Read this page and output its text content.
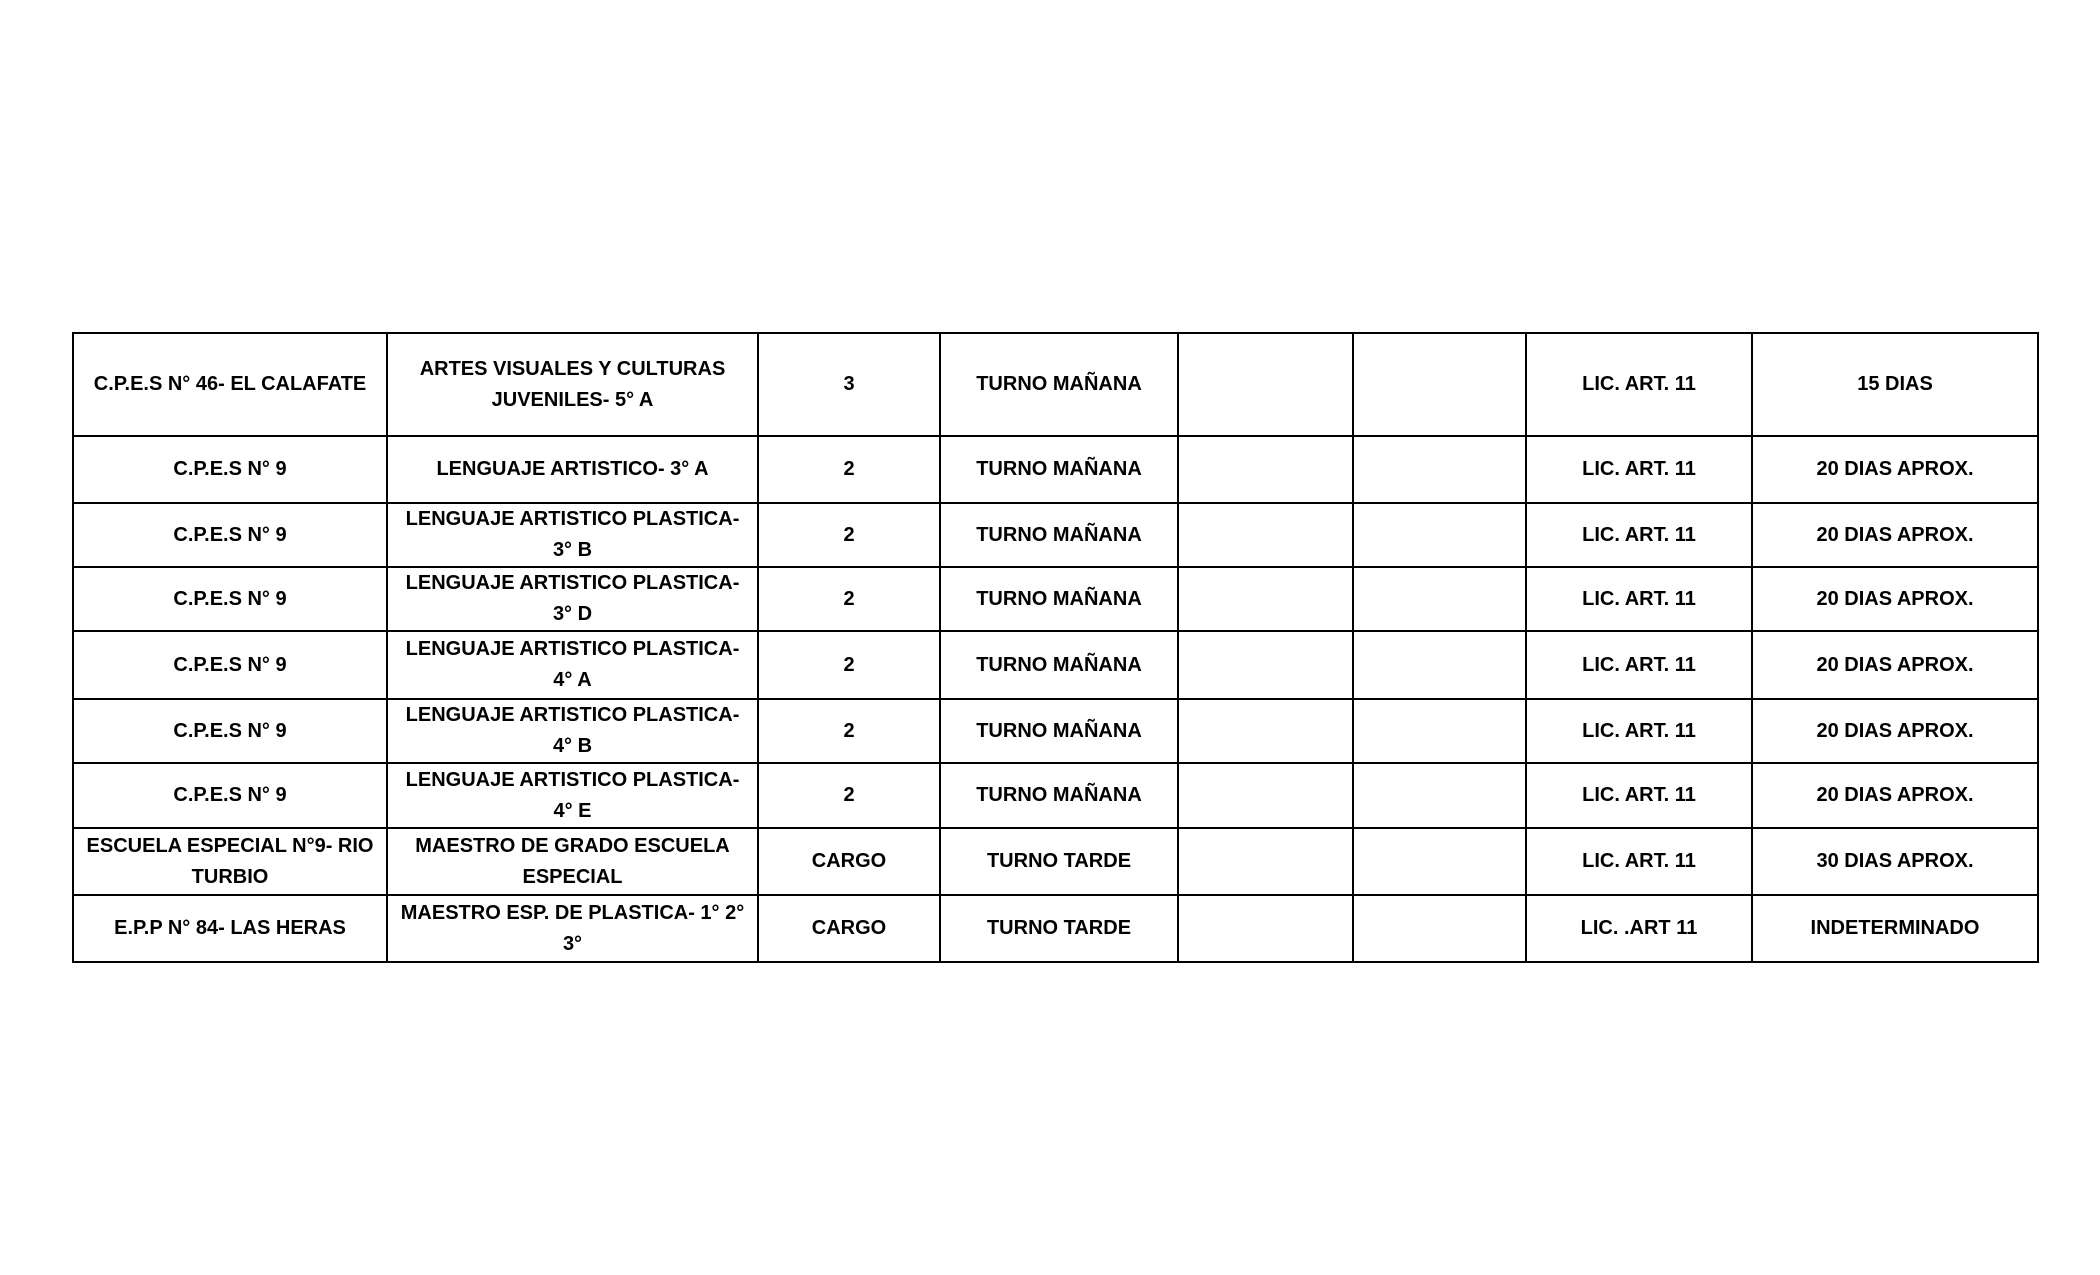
C.P.E.S N° 46- EL CALAFATE	ARTES VISUALES Y CULTURAS JUVENILES- 5° A	3	TURNO MAÑANA			LIC. ART. 11	15 DIAS
C.P.E.S N° 9	LENGUAJE ARTISTICO- 3° A	2	TURNO MAÑANA			LIC. ART. 11	20 DIAS APROX.
C.P.E.S N° 9	LENGUAJE ARTISTICO PLASTICA- 3° B	2	TURNO MAÑANA			LIC. ART. 11	20 DIAS APROX.
C.P.E.S N° 9	LENGUAJE ARTISTICO PLASTICA- 3° D	2	TURNO MAÑANA			LIC. ART. 11	20 DIAS APROX.
C.P.E.S N° 9	LENGUAJE ARTISTICO PLASTICA- 4° A	2	TURNO MAÑANA			LIC. ART. 11	20 DIAS APROX.
C.P.E.S N° 9	LENGUAJE ARTISTICO PLASTICA- 4° B	2	TURNO MAÑANA			LIC. ART. 11	20 DIAS APROX.
C.P.E.S N° 9	LENGUAJE ARTISTICO PLASTICA- 4° E	2	TURNO MAÑANA			LIC. ART. 11	20 DIAS APROX.
ESCUELA ESPECIAL N°9- RIO TURBIO	MAESTRO DE GRADO ESCUELA ESPECIAL	CARGO	TURNO TARDE			LIC. ART. 11	30 DIAS APROX.
E.P.P N° 84- LAS HERAS	MAESTRO ESP. DE PLASTICA- 1° 2° 3°	CARGO	TURNO TARDE			LIC. .ART 11	INDETERMINADO
